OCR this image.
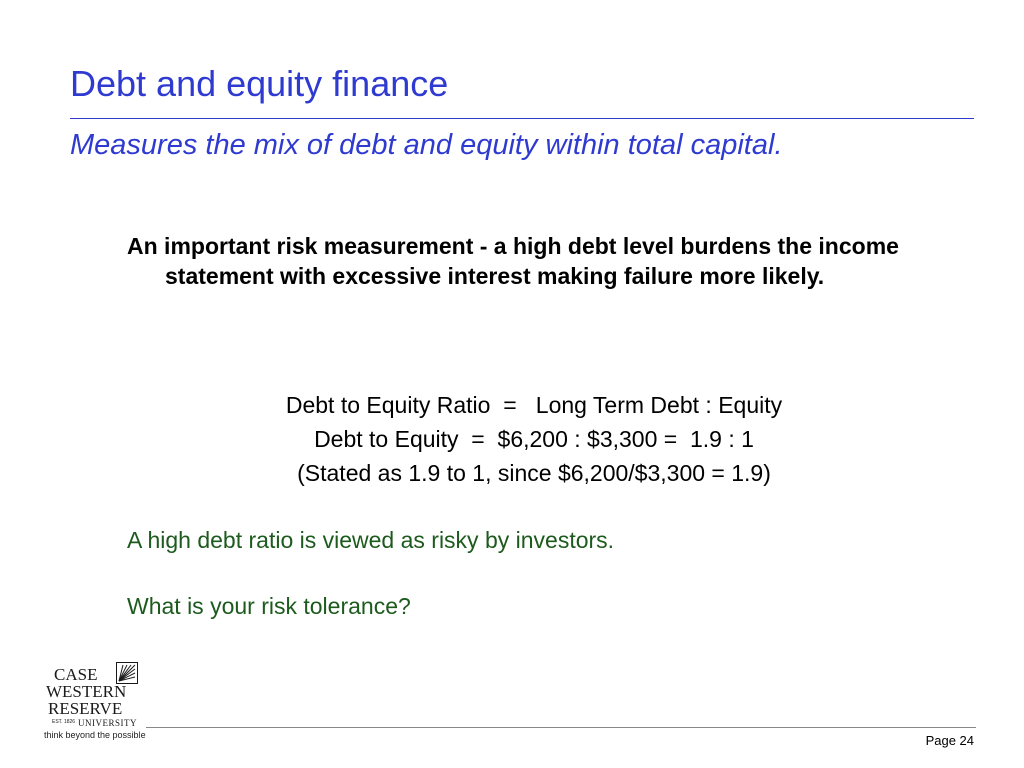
Debt and equity finance
Measures the mix of debt and equity within total capital.
An important risk measurement - a high debt level burdens the income statement with excessive interest making failure more likely.
Debt to Equity Ratio  =   Long Term Debt : Equity
Debt to Equity  =  $6,200 : $3,300 =  1.9 : 1
(Stated as 1.9 to 1, since $6,200/$3,300 = 1.9)
A high debt ratio is viewed as risky by investors.
What is your risk tolerance?
CASE
WESTERN
RESERVE
EST. 1826 UNIVERSITY
think beyond the possible	Page 24
